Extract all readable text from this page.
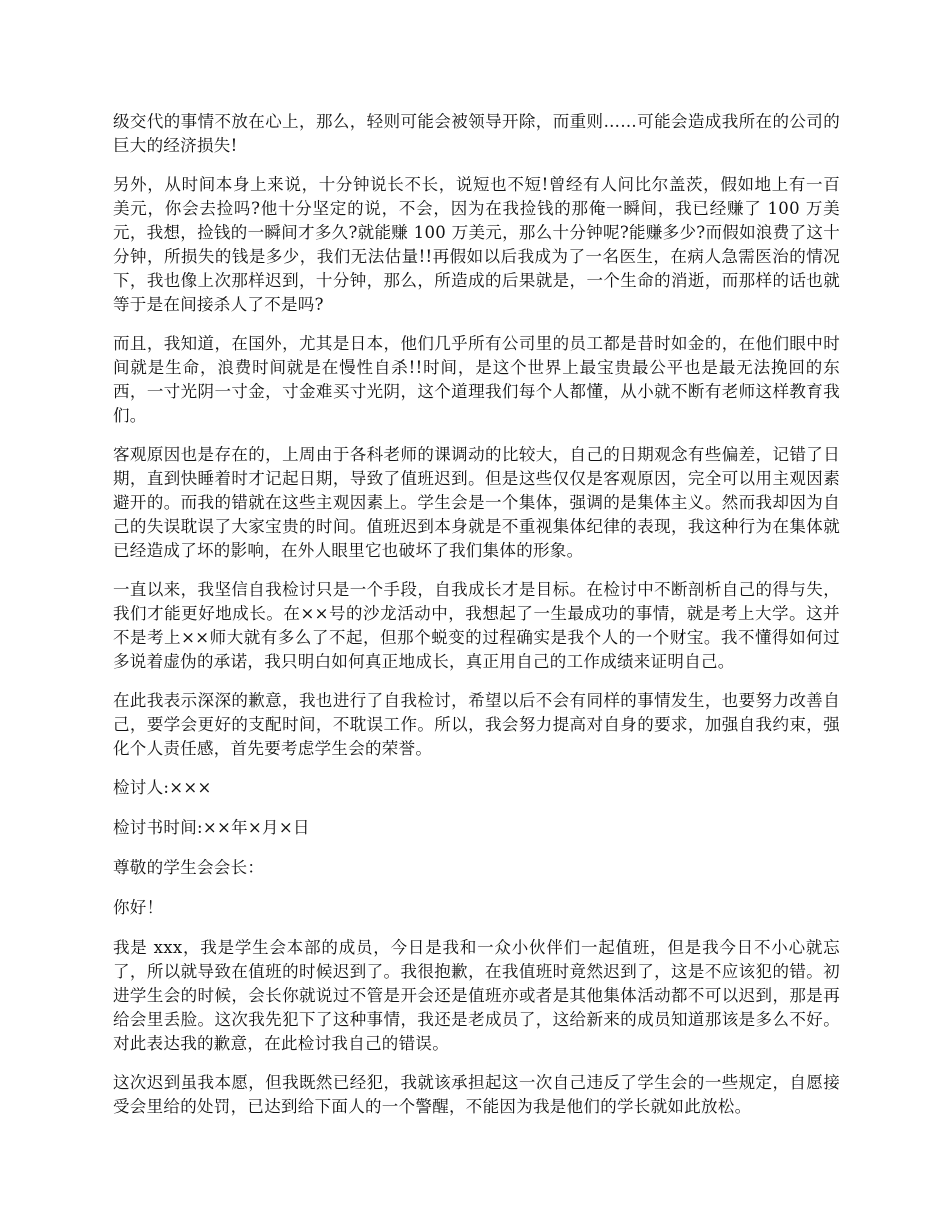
级交代的事情不放在心上，那么，轻则可能会被领导开除，而重则……可能会造成我所在的公司的巨大的经济损失!

另外，从时间本身上来说，十分钟说长不长，说短也不短!曾经有人问比尔盖茨，假如地上有一百美元，你会去捡吗?他十分坚定的说，不会，因为在我捡钱的那俺一瞬间，我已经赚了 100 万美元，我想，捡钱的一瞬间才多久?就能赚 100 万美元，那么十分钟呢?能赚多少?而假如浪费了这十分钟，所损失的钱是多少，我们无法估量!!再假如以后我成为了一名医生，在病人急需医治的情况下，我也像上次那样迟到，十分钟，那么，所造成的后果就是，一个生命的消逝，而那样的话也就等于是在间接杀人了不是吗?

而且，我知道，在国外，尤其是日本，他们几乎所有公司里的员工都是昔时如金的，在他们眼中时间就是生命，浪费时间就是在慢性自杀!!时间，是这个世界上最宝贵最公平也是最无法挽回的东西，一寸光阴一寸金，寸金难买寸光阴，这个道理我们每个人都懂，从小就不断有老师这样教育我们。

客观原因也是存在的，上周由于各科老师的课调动的比较大，自己的日期观念有些偏差，记错了日期，直到快睡着时才记起日期，导致了值班迟到。但是这些仅仅是客观原因，完全可以用主观因素避开的。而我的错就在这些主观因素上。学生会是一个集体，强调的是集体主义。然而我却因为自己的失误耽误了大家宝贵的时间。值班迟到本身就是不重视集体纪律的表现，我这种行为在集体就已经造成了坏的影响，在外人眼里它也破坏了我们集体的形象。

一直以来，我坚信自我检讨只是一个手段，自我成长才是目标。在检讨中不断剖析自己的得与失，我们才能更好地成长。在××号的沙龙活动中，我想起了一生最成功的事情，就是考上大学。这并不是考上××师大就有多么了不起，但那个蜕变的过程确实是我个人的一个财宝。我不懂得如何过多说着虚伪的承诺，我只明白如何真正地成长，真正用自己的工作成绩来证明自己。

在此我表示深深的歉意，我也进行了自我检讨，希望以后不会有同样的事情发生，也要努力改善自己，要学会更好的支配时间，不耽误工作。所以，我会努力提高对自身的要求，加强自我约束，强化个人责任感，首先要考虑学生会的荣誉。

检讨人:×××

检讨书时间:××年×月×日

尊敬的学生会会长：

你好！

我是 xxx，我是学生会本部的成员，今日是我和一众小伙伴们一起值班，但是我今日不小心就忘了，所以就导致在值班的时候迟到了。我很抱歉，在我值班时竟然迟到了，这是不应该犯的错。初进学生会的时候，会长你就说过不管是开会还是值班亦或者是其他集体活动都不可以迟到，那是再给会里丢脸。这次我先犯下了这种事情，我还是老成员了，这给新来的成员知道那该是多么不好。对此表达我的歉意，在此检讨我自己的错误。

这次迟到虽我本愿，但我既然已经犯，我就该承担起这一次自己违反了学生会的一些规定，自愿接受会里给的处罚，已达到给下面人的一个警醒，不能因为我是他们的学长就如此放松。
